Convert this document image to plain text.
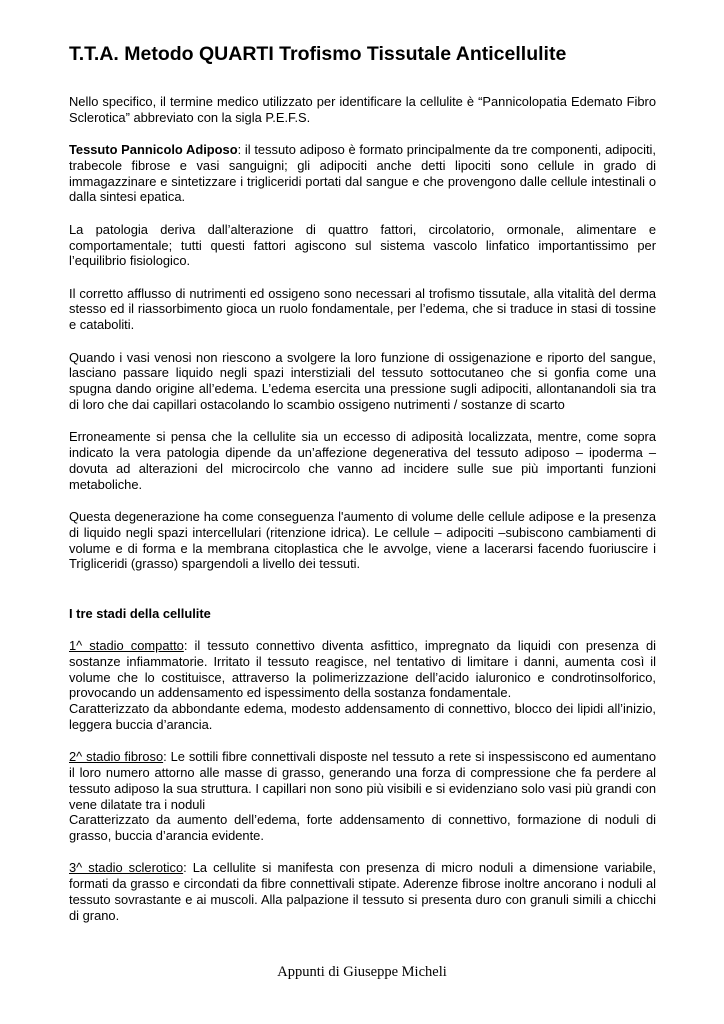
T.T.A. Metodo QUARTI Trofismo Tissutale Anticellulite

Nello specifico, il termine medico utilizzato per identificare la cellulite è “Pannicolopatia Edemato Fibro Sclerotica” abbreviato con la sigla P.E.F.S.

Tessuto Pannicolo Adiposo: il tessuto adiposo è formato principalmente da tre componenti, adipociti, trabecole fibrose e vasi sanguigni; gli adipociti anche detti lipociti sono cellule in grado di immagazzinare e sintetizzare i trigliceridi portati dal sangue e che provengono dalle cellule intestinali o dalla sintesi epatica.

La patologia deriva dall’alterazione di quattro fattori, circolatorio, ormonale, alimentare e comportamentale; tutti questi fattori agiscono sul sistema vascolo linfatico importantissimo per l’equilibrio fisiologico.

Il corretto afflusso di nutrimenti ed ossigeno sono necessari al trofismo tissutale, alla vitalità del derma stesso ed il riassorbimento gioca un ruolo fondamentale, per l’edema, che si traduce in stasi di tossine e cataboliti.

Quando i vasi venosi non riescono a svolgere la loro funzione di ossigenazione e riporto del sangue, lasciano passare liquido negli spazi interstiziali del tessuto sottocutaneo che si gonfia come una spugna dando origine all’edema. L’edema esercita una pressione sugli adipociti, allontanandoli sia tra di loro che dai capillari ostacolando lo scambio ossigeno nutrimenti / sostanze di scarto

Erroneamente si pensa che la cellulite sia un eccesso di adiposità localizzata, mentre, come sopra indicato la vera patologia dipende da un’affezione degenerativa del tessuto adiposo – ipoderma – dovuta ad alterazioni del microcircolo che vanno ad incidere sulle sue più importanti funzioni metaboliche.

Questa degenerazione ha come conseguenza l'aumento di volume delle cellule adipose e la presenza di liquido negli spazi intercellulari (ritenzione idrica). Le cellule – adipociti –subiscono cambiamenti di volume e di forma e la membrana citoplastica che le avvolge, viene a lacerarsi facendo fuoriuscire i Trigliceridi (grasso) spargendoli a livello dei tessuti.

I tre stadi della cellulite

1^ stadio compatto: il tessuto connettivo diventa asfittico, impregnato da liquidi con presenza di sostanze infiammatorie. Irritato il tessuto reagisce, nel tentativo di limitare i danni, aumenta così il volume che lo costituisce, attraverso la polimerizzazione dell’acido ialuronico e condrotinsolforico, provocando un addensamento ed ispessimento della sostanza fondamentale.

Caratterizzato da abbondante edema, modesto addensamento di connettivo, blocco dei lipidi all’inizio, leggera buccia d’arancia.

2^ stadio fibroso: Le sottili fibre connettivali disposte nel tessuto a rete si inspessiscono ed aumentano il loro numero attorno alle masse di grasso, generando una forza di compressione che fa perdere al tessuto adiposo la sua struttura. I capillari non sono più visibili e si evidenziano solo vasi più grandi con vene dilatate tra i noduli

Caratterizzato da aumento dell’edema, forte addensamento di connettivo, formazione di noduli di grasso, buccia d’arancia evidente.

3^ stadio sclerotico: La cellulite si manifesta con presenza di micro noduli a dimensione variabile, formati da grasso e circondati da fibre connettivali stipate. Aderenze fibrose inoltre ancorano i noduli al tessuto sovrastante e ai muscoli. Alla palpazione il tessuto si presenta duro con granuli simili a chicchi di grano.

Appunti di Giuseppe Micheli
